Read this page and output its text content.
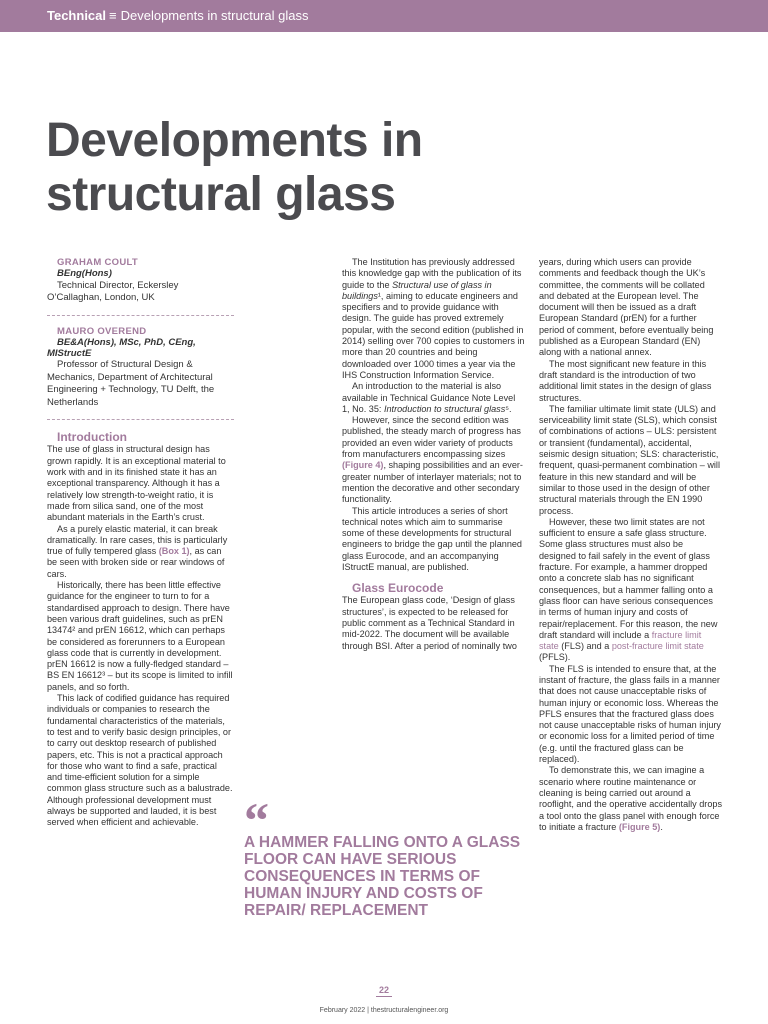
Technical ≡ Developments in structural glass
Developments in structural glass

GRAHAM COULT

BEng(Hons)

Technical Director, Eckersley O’Callaghan, London, UK

MAURO OVEREND

BE&A(Hons), MSc, PhD, CEng, MIStructE

Professor of Structural Design & Mechanics, Department of Architectural Engineering + Technology, TU Delft, the Netherlands

Introduction

The use of glass in structural design has grown rapidly. It is an exceptional material to work with and in its finished state it has an exceptional transparency. Although it has a relatively low strength-to-weight ratio, it is made from silica sand, one of the most abundant materials in the Earth’s crust.

As a purely elastic material, it can break dramatically. In rare cases, this is particularly true of fully tempered glass (Box 1), as can be seen with broken side or rear windows of cars.

Historically, there has been little effective guidance for the engineer to turn to for a standardised approach to design. There have been various draft guidelines, such as prEN 13474² and prEN 16612, which can perhaps be considered as forerunners to a European glass code that is currently in development. prEN 16612 is now a fully-fledged standard – BS EN 16612³ – but its scope is limited to infill panels, and so forth.

This lack of codified guidance has required individuals or companies to research the fundamental characteristics of the materials, to test and to verify basic design principles, or to carry out desktop research of published papers, etc. This is not a practical approach for those who want to find a safe, practical and time-efficient solution for a simple common glass structure such as a balustrade. Although professional development must always be supported and lauded, it is best served when efficient and achievable.

The Institution has previously addressed this knowledge gap with the publication of its guide to the Structural use of glass in buildings¹, aiming to educate engineers and specifiers and to provide guidance with design. The guide has proved extremely popular, with the second edition (published in 2014) selling over 700 copies to customers in more than 20 countries and being downloaded over 1000 times a year via the IHS Construction Information Service.

An introduction to the material is also available in Technical Guidance Note Level 1, No. 35: Introduction to structural glass⁵.

However, since the second edition was published, the steady march of progress has provided an even wider variety of products from manufacturers encompassing sizes (Figure 4), shaping possibilities and an ever-greater number of interlayer materials; not to mention the decorative and other secondary functionality.

This article introduces a series of short technical notes which aim to summarise some of these developments for structural engineers to bridge the gap until the planned glass Eurocode, and an accompanying IStructE manual, are published.

Glass Eurocode

The European glass code, ‘Design of glass structures’, is expected to be released for public comment as a Technical Standard in mid-2022. The document will be available through BSI. After a period of nominally two

years, during which users can provide comments and feedback though the UK’s committee, the comments will be collated and debated at the European level. The document will then be issued as a draft European Standard (prEN) for a further period of comment, before eventually being published as a European Standard (EN) along with a national annex.

The most significant new feature in this draft standard is the introduction of two additional limit states in the design of glass structures.

The familiar ultimate limit state (ULS) and serviceability limit state (SLS), which consist of combinations of actions – ULS: persistent or transient (fundamental), accidental, seismic design situation; SLS: characteristic, frequent, quasi-permanent combination – will feature in this new standard and will be similar to those used in the design of other structural materials through the EN 1990 process.

However, these two limit states are not sufficient to ensure a safe glass structure. Some glass structures must also be designed to fail safely in the event of glass fracture. For example, a hammer dropped onto a concrete slab has no significant consequences, but a hammer falling onto a glass floor can have serious consequences in terms of human injury and costs of repair/replacement. For this reason, the new draft standard will include a fracture limit state (FLS) and a post-fracture limit state (PFLS).

The FLS is intended to ensure that, at the instant of fracture, the glass fails in a manner that does not cause unacceptable risks of human injury or economic loss. Whereas the PFLS ensures that the fractured glass does not cause unacceptable risks of human injury or economic loss for a limited period of time (e.g. until the fractured glass can be replaced).

To demonstrate this, we can imagine a scenario where routine maintenance or cleaning is being carried out around a rooflight, and the operative accidentally drops a tool onto the glass panel with enough force to initiate a fracture (Figure 5).

“

A HAMMER FALLING ONTO A GLASS FLOOR CAN HAVE SERIOUS CONSEQUENCES IN TERMS OF HUMAN INJURY AND COSTS OF REPAIR/ REPLACEMENT

22
February 2022 | thestructuralengineer.org
